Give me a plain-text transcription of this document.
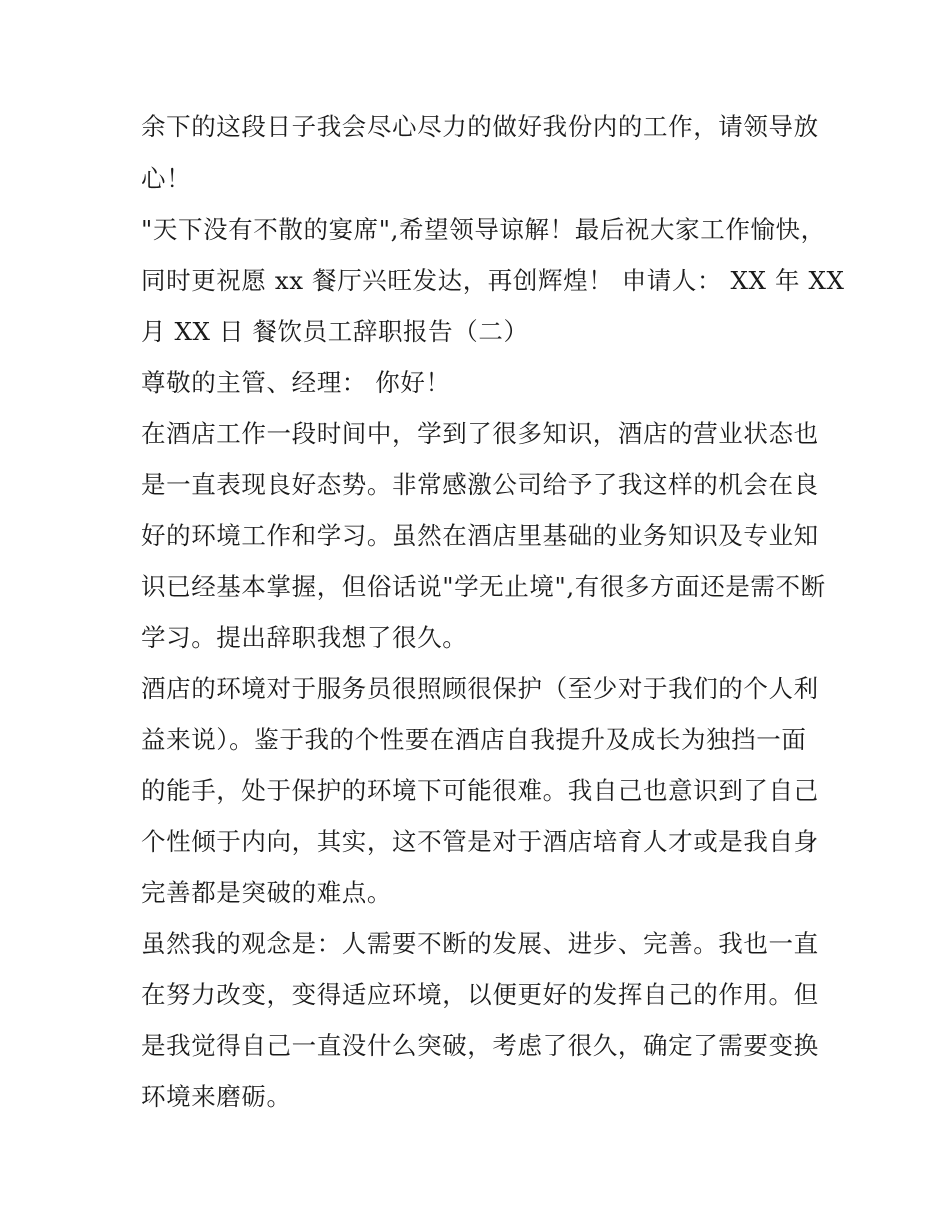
余下的这段日子我会尽心尽力的做好我份内的工作，请领导放
心！
"天下没有不散的宴席",希望领导谅解！最后祝大家工作愉快，
同时更祝愿 xx 餐厅兴旺发达，再创辉煌！ 申请人： XX 年 XX
月 XX 日 餐饮员工辞职报告（二）
尊敬的主管、经理： 你好！
在酒店工作一段时间中，学到了很多知识，酒店的营业状态也
是一直表现良好态势。非常感激公司给予了我这样的机会在良
好的环境工作和学习。虽然在酒店里基础的业务知识及专业知
识已经基本掌握，但俗话说"学无止境",有很多方面还是需不断
学习。提出辞职我想了很久。
酒店的环境对于服务员很照顾很保护（至少对于我们的个人利
益来说）。鉴于我的个性要在酒店自我提升及成长为独挡一面
的能手，处于保护的环境下可能很难。我自己也意识到了自己
个性倾于内向，其实，这不管是对于酒店培育人才或是我自身
完善都是突破的难点。
虽然我的观念是：人需要不断的发展、进步、完善。我也一直
在努力改变，变得适应环境，以便更好的发挥自己的作用。但
是我觉得自己一直没什么突破，考虑了很久，确定了需要变换
环境来磨砺。
